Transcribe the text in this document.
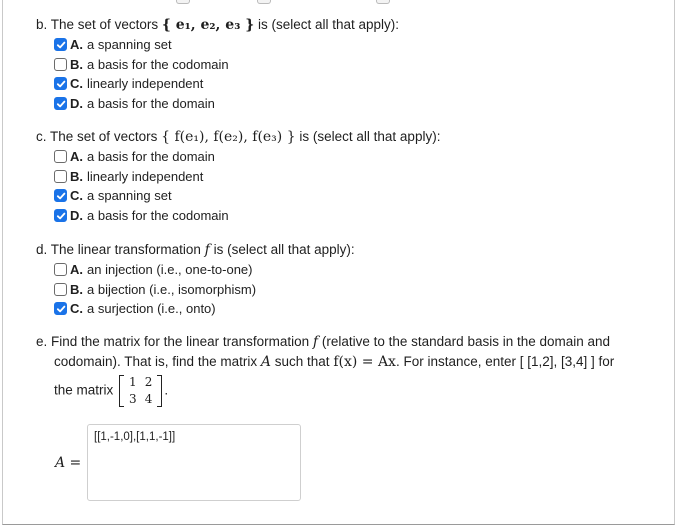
b. The set of vectors { e₁, e₂, e₃ } is (select all that apply):
A. a spanning set
B. a basis for the codomain
C. linearly independent
D. a basis for the domain
c. The set of vectors { f(e₁), f(e₂), f(e₃) } is (select all that apply):
A. a basis for the domain
B. linearly independent
C. a spanning set
D. a basis for the codomain
d. The linear transformation f is (select all that apply):
A. an injection (i.e., one-to-one)
B. a bijection (i.e., isomorphism)
C. a surjection (i.e., onto)
e. Find the matrix for the linear transformation f (relative to the standard basis in the domain and
codomain). That is, find the matrix A such that f(x) = Ax. For instance, enter [ [1,2], [3,4] ] for
the matrix
1	2
3	4
.
A =
[[1,-1,0],[1,1,-1]]
